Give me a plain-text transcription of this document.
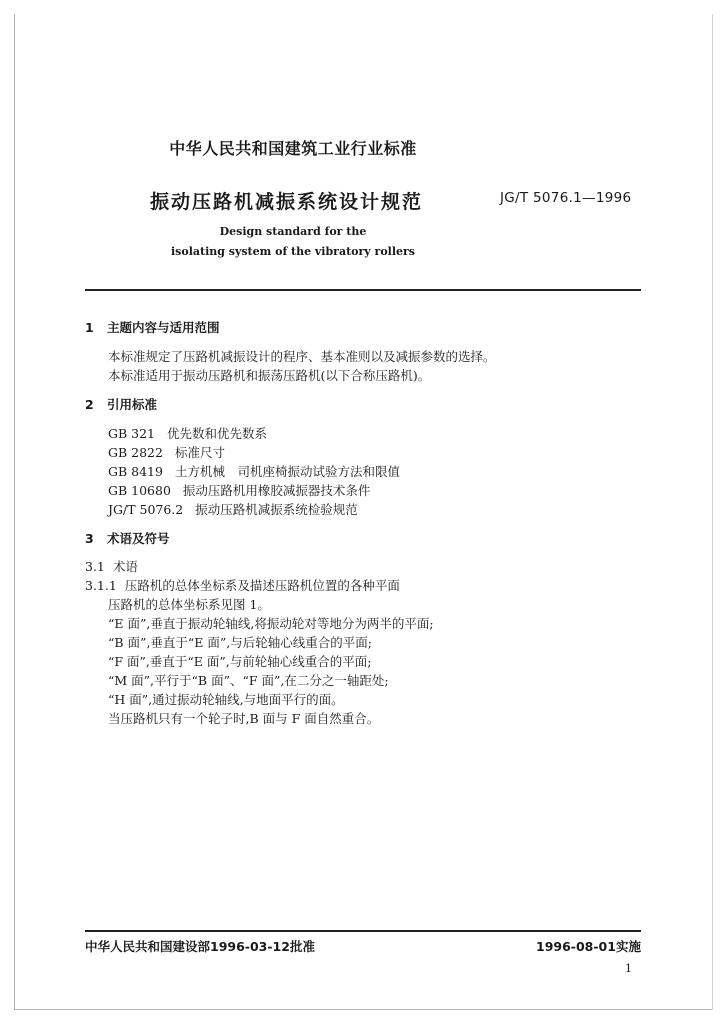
中华人民共和国建筑工业行业标准
振动压路机减振系统设计规范	JG/T 5076.1—1996
Design standard for the
isolating system of the vibratory rollers
1 主题内容与适用范围
本标准规定了压路机减振设计的程序、基本准则以及减振参数的选择。
本标准适用于振动压路机和振荡压路机(以下合称压路机)。
2 引用标准
GB 321 优先数和优先数系
GB 2822 标准尺寸
GB 8419 土方机械　司机座椅振动试验方法和限值
GB 10680 振动压路机用橡胶减振器技术条件
JG/T 5076.2 振动压路机减振系统检验规范
3 术语及符号
3.1 术语
3.1.1 压路机的总体坐标系及描述压路机位置的各种平面
压路机的总体坐标系见图 1。
“E 面”,垂直于振动轮轴线,将振动轮对等地分为两半的平面;
“B 面”,垂直于“E 面”,与后轮轴心线重合的平面;
“F 面”,垂直于“E 面”,与前轮轴心线重合的平面;
“M 面”,平行于“B 面”、“F 面”,在二分之一轴距处;
“H 面”,通过振动轮轴线,与地面平行的面。
当压路机只有一个轮子时,B 面与 F 面自然重合。
中华人民共和国建设部1996-03-12批准	1996-08-01实施
1
